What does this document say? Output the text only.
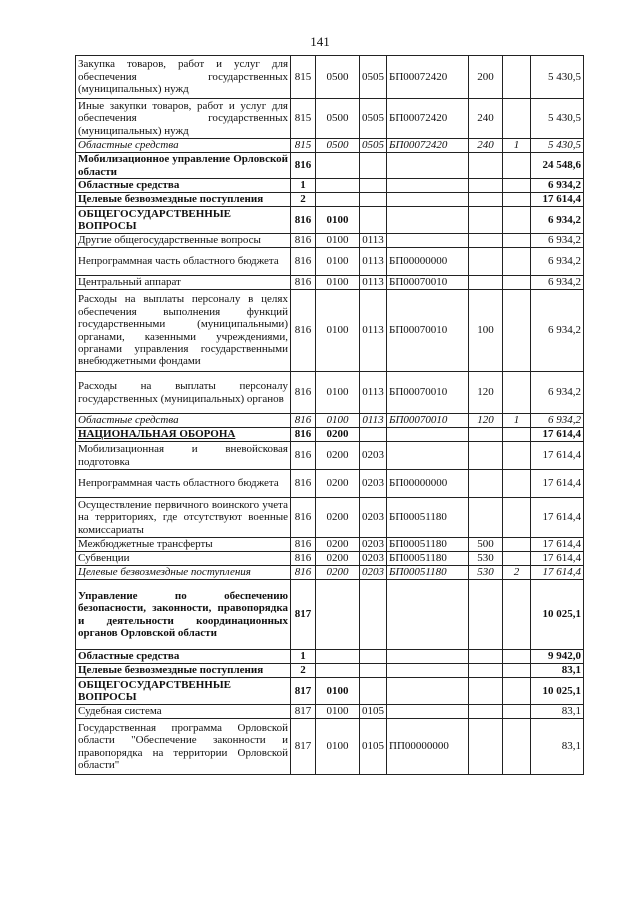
141
Закупка товаров, работ и услуг для обеспечения государственных (муниципальных) нужд	815	0500	0505	БП00072420	200		5 430,5
Иные закупки товаров, работ и услуг для обеспечения государственных (муниципальных) нужд	815	0500	0505	БП00072420	240		5 430,5
Областные средства	815	0500	0505	БП00072420	240	1	5 430,5
Мобилизационное управление Орловской области	816						24 548,6
Областные средства	1						6 934,2
Целевые безвозмездные поступления	2						17 614,4
ОБЩЕГОСУДАРСТВЕННЫЕ ВОПРОСЫ	816	0100					6 934,2
Другие общегосударственные вопросы	816	0100	0113				6 934,2
Непрограммная часть областного бюджета	816	0100	0113	БП00000000			6 934,2
Центральный аппарат	816	0100	0113	БП00070010			6 934,2
Расходы на выплаты персоналу в целях обеспечения выполнения функций государственными (муниципальными) органами, казенными учреждениями, органами управления государственными внебюджетными фондами	816	0100	0113	БП00070010	100		6 934,2
Расходы на выплаты персоналу государственных (муниципальных) органов	816	0100	0113	БП00070010	120		6 934,2
Областные средства	816	0100	0113	БП00070010	120	1	6 934,2
НАЦИОНАЛЬНАЯ ОБОРОНА	816	0200					17 614,4
Мобилизационная и вневойсковая подготовка	816	0200	0203				17 614,4
Непрограммная часть областного бюджета	816	0200	0203	БП00000000			17 614,4
Осуществление первичного воинского учета на территориях, где отсутствуют военные комиссариаты	816	0200	0203	БП00051180			17 614,4
Межбюджетные трансферты	816	0200	0203	БП00051180	500		17 614,4
Субвенции	816	0200	0203	БП00051180	530		17 614,4
Целевые безвозмездные поступления	816	0200	0203	БП00051180	530	2	17 614,4
Управление по обеспечению безопасности, законности, правопорядка и деятельности координационных органов Орловской области	817						10 025,1
Областные средства	1						9 942,0
Целевые безвозмездные поступления	2						83,1
ОБЩЕГОСУДАРСТВЕННЫЕ ВОПРОСЫ	817	0100					10 025,1
Судебная система	817	0100	0105				83,1
Государственная программа Орловской области "Обеспечение законности и правопорядка на территории Орловской области"	817	0100	0105	ПП00000000			83,1
